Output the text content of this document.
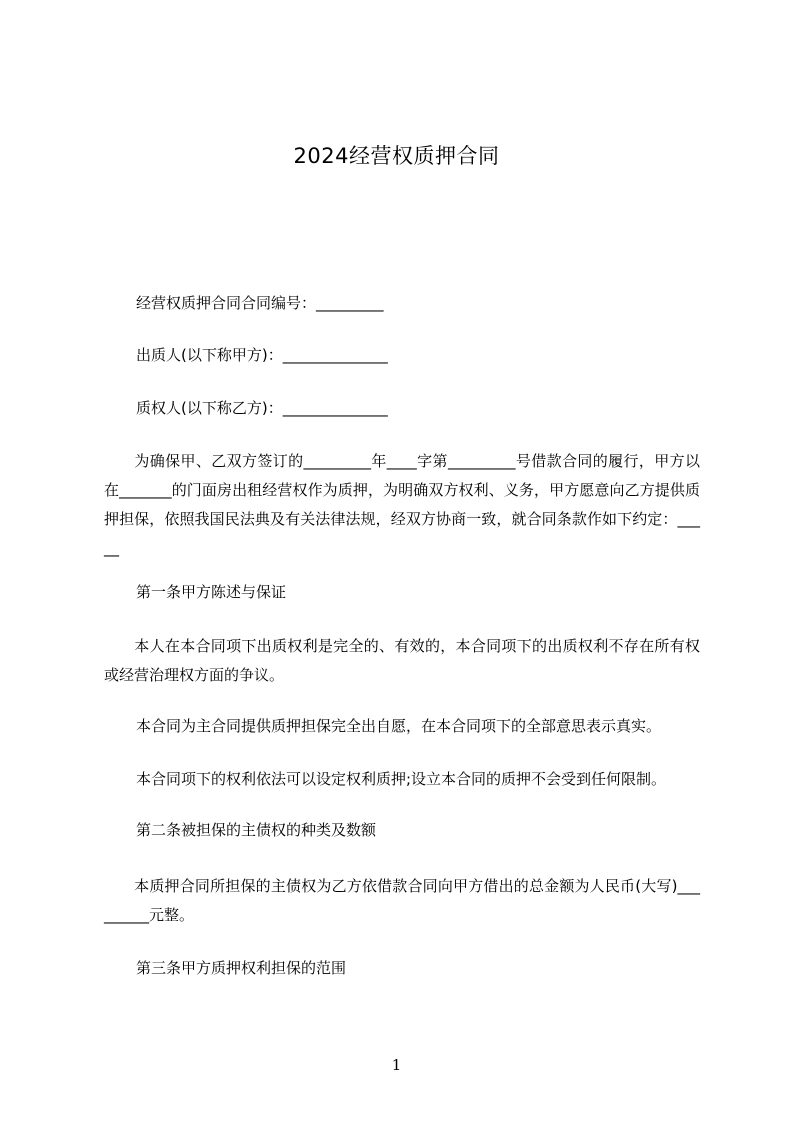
2024经营权质押合同
经营权质押合同合同编号：_________
出质人(以下称甲方)：______________
质权人(以下称乙方)：______________
为确保甲、乙双方签订的_________年____字第_________号借款合同的履行，甲方以在_______的门面房出租经营权作为质押，为明确双方权利、义务，甲方愿意向乙方提供质押担保，依照我国民法典及有关法律法规，经双方协商一致，就合同条款作如下约定：_____
第一条甲方陈述与保证
本人在本合同项下出质权利是完全的、有效的，本合同项下的出质权利不存在所有权或经营治理权方面的争议。
本合同为主合同提供质押担保完全出自愿，在本合同项下的全部意思表示真实。
本合同项下的权利依法可以设定权利质押;设立本合同的质押不会受到任何限制。
第二条被担保的主债权的种类及数额
本质押合同所担保的主债权为乙方依借款合同向甲方借出的总金额为人民币(大写)_________元整。
第三条甲方质押权利担保的范围
1
